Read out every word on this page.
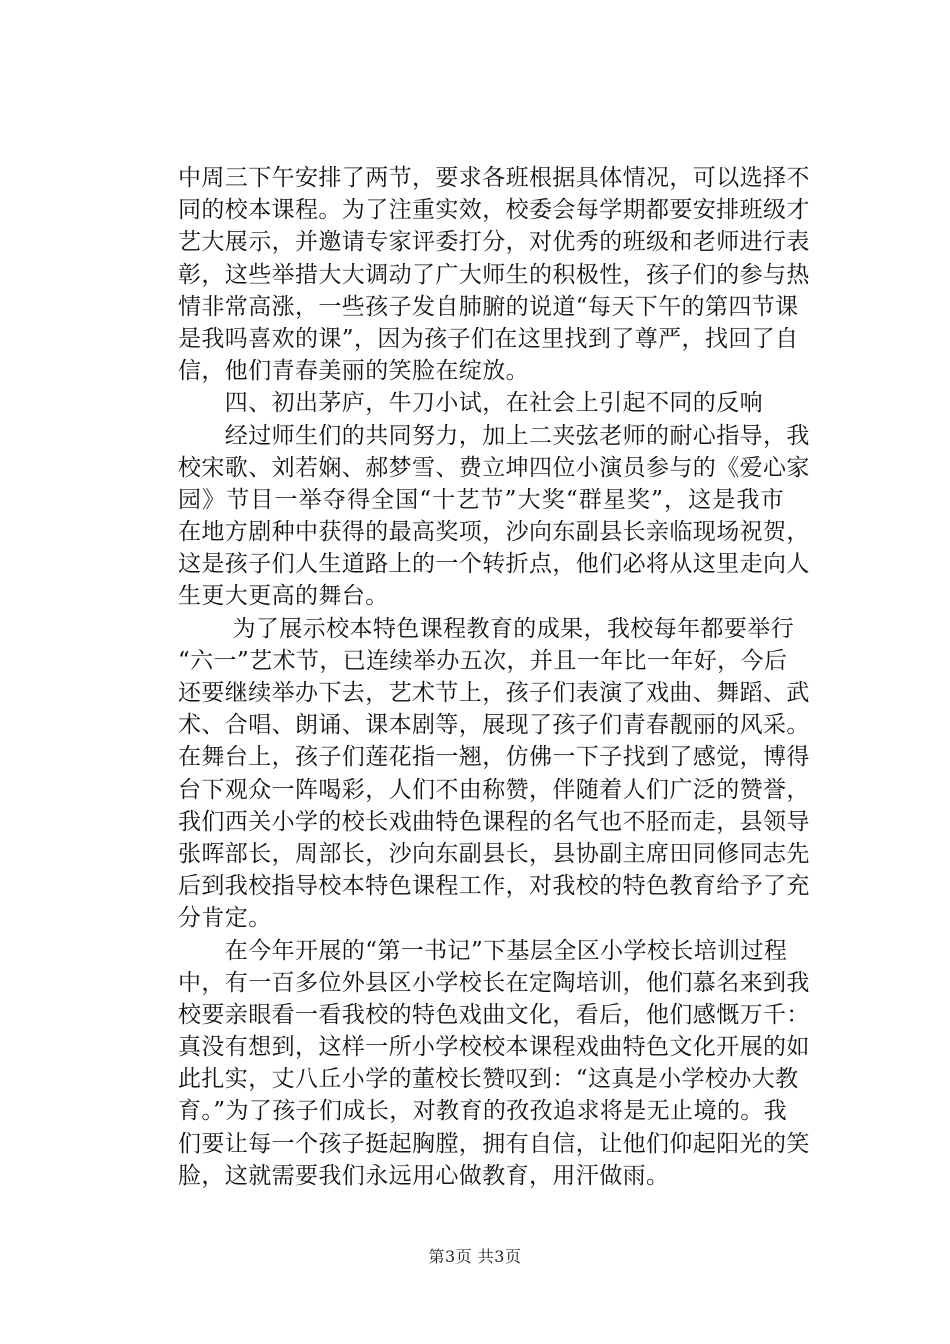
中周三下午安排了两节，要求各班根据具体情况，可以选择不
同的校本课程。为了注重实效，校委会每学期都要安排班级才
艺大展示，并邀请专家评委打分，对优秀的班级和老师进行表
彰，这些举措大大调动了广大师生的积极性，孩子们的参与热
情非常高涨，一些孩子发自肺腑的说道“每天下午的第四节课
是我吗喜欢的课”，因为孩子们在这里找到了尊严，找回了自
信，他们青春美丽的笑脸在绽放。
　　四、初出茅庐，牛刀小试，在社会上引起不同的反响
　　经过师生们的共同努力，加上二夹弦老师的耐心指导，我
校宋歌、刘若娴、郝梦雪、费立坤四位小演员参与的《爱心家
园》节目一举夺得全国“十艺节”大奖“群星奖”，这是我市
在地方剧种中获得的最高奖项，沙向东副县长亲临现场祝贺，
这是孩子们人生道路上的一个转折点，他们必将从这里走向人
生更大更高的舞台。
　　 为了展示校本特色课程教育的成果，我校每年都要举行
“六一”艺术节，已连续举办五次，并且一年比一年好，今后
还要继续举办下去，艺术节上，孩子们表演了戏曲、舞蹈、武
术、合唱、朗诵、课本剧等，展现了孩子们青春靓丽的风采。
在舞台上，孩子们莲花指一翘，仿佛一下子找到了感觉，博得
台下观众一阵喝彩，人们不由称赞，伴随着人们广泛的赞誉，
我们西关小学的校长戏曲特色课程的名气也不胫而走，县领导
张晖部长，周部长，沙向东副县长，县协副主席田同修同志先
后到我校指导校本特色课程工作，对我校的特色教育给予了充
分肯定。
　　在今年开展的“第一书记”下基层全区小学校长培训过程
中，有一百多位外县区小学校长在定陶培训，他们慕名来到我
校要亲眼看一看我校的特色戏曲文化，看后，他们感慨万千：
真没有想到，这样一所小学校校本课程戏曲特色文化开展的如
此扎实，丈八丘小学的董校长赞叹到：“这真是小学校办大教
育。”为了孩子们成长，对教育的孜孜追求将是无止境的。我
们要让每一个孩子挺起胸膛，拥有自信，让他们仰起阳光的笑
脸，这就需要我们永远用心做教育，用汗做雨。
第3页 共3页
